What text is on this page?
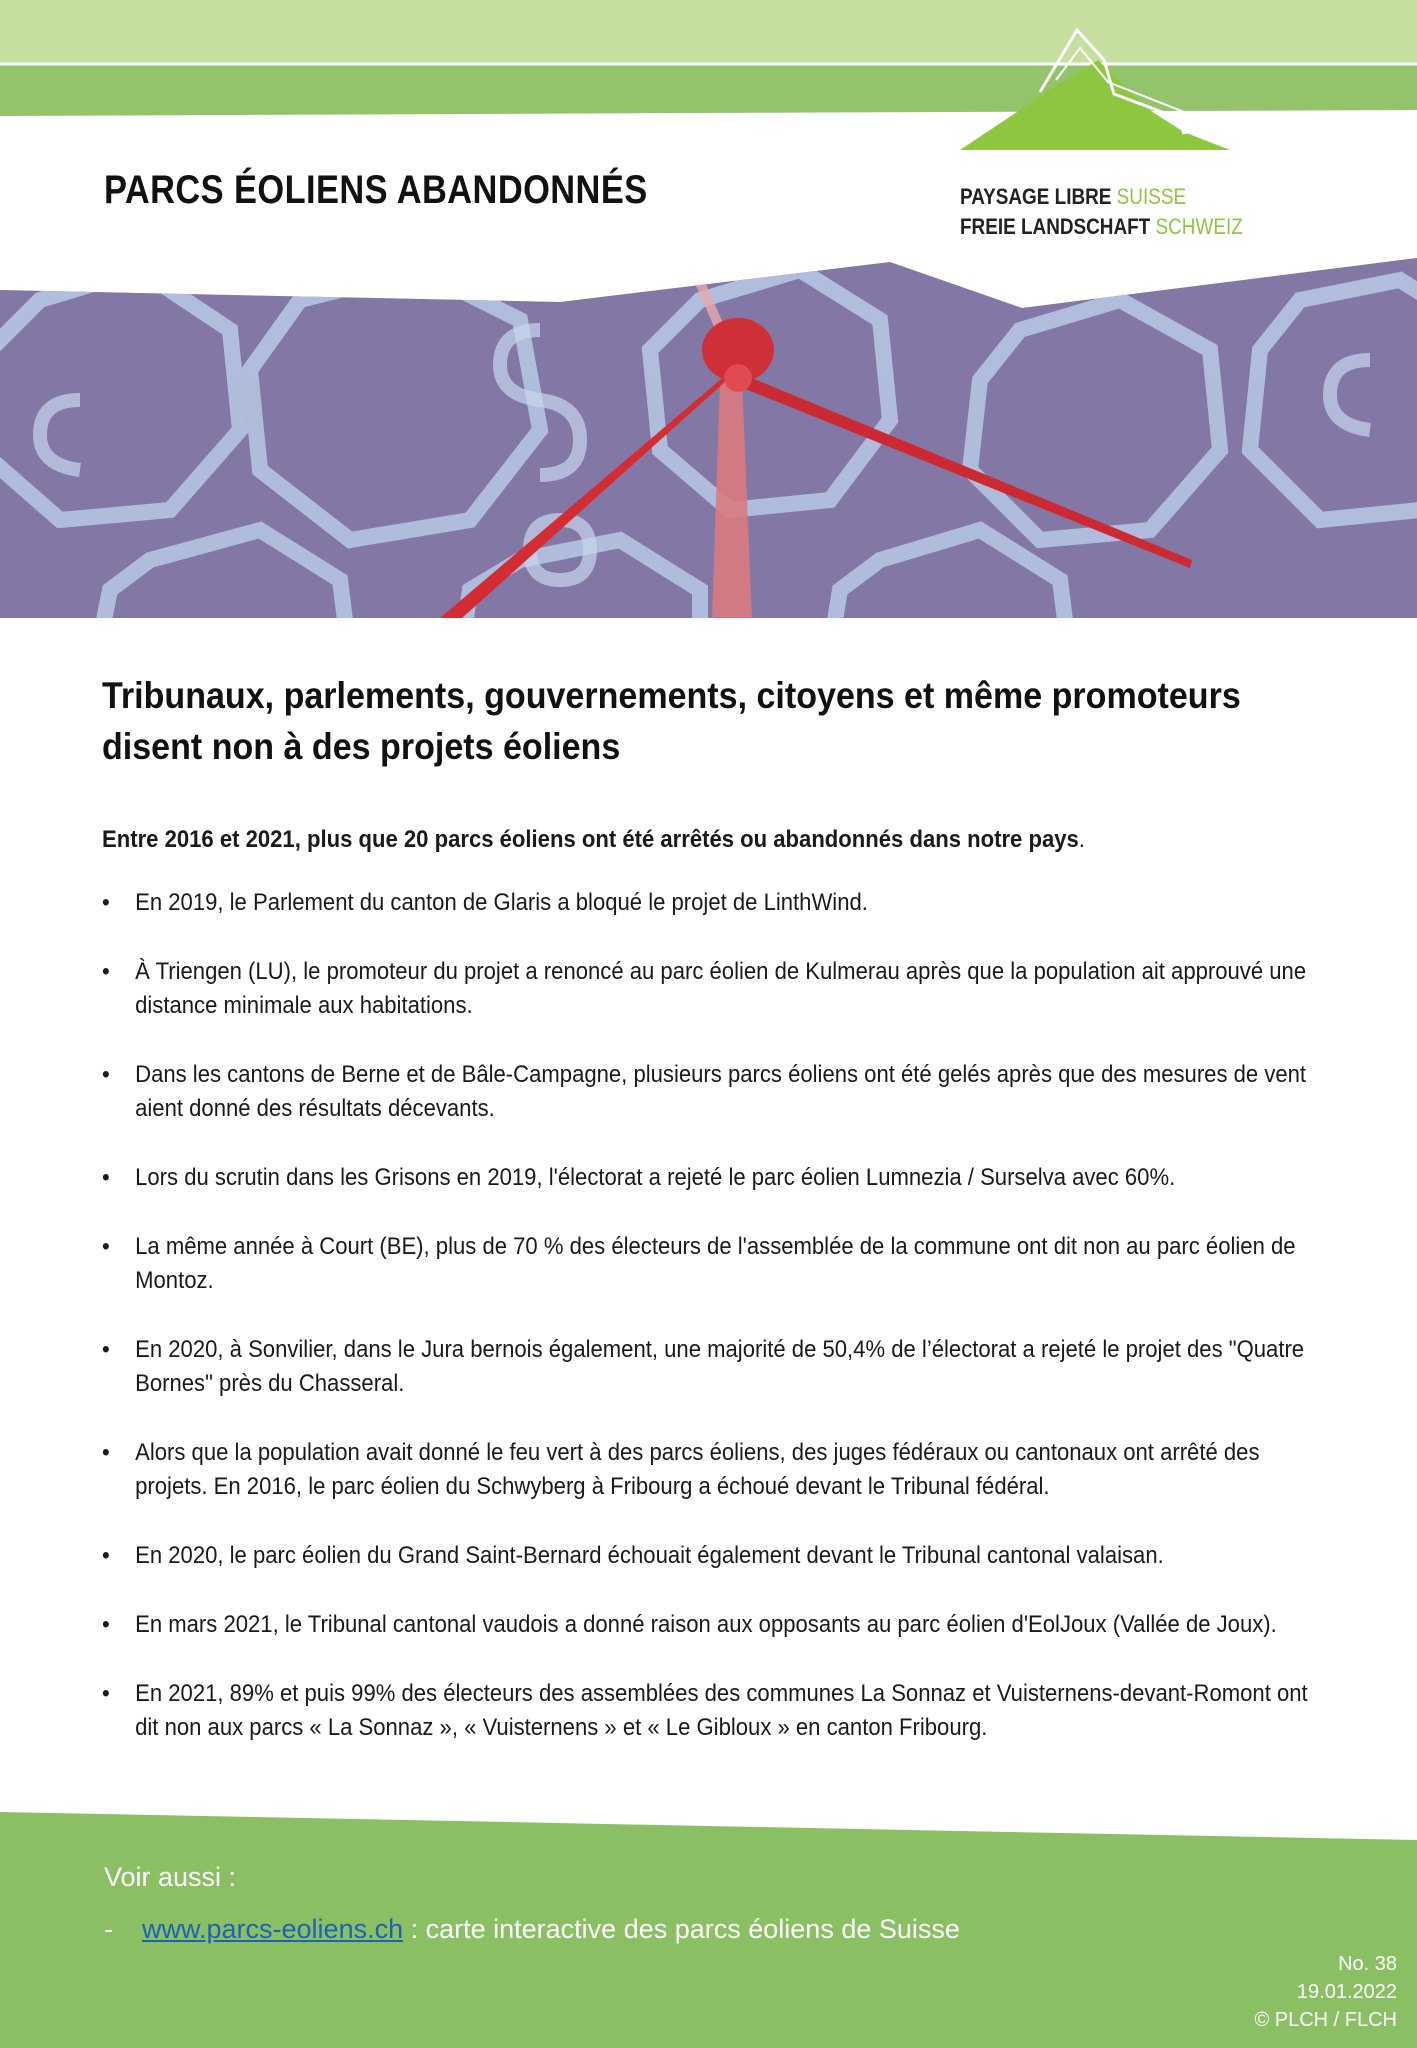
PARCS ÉOLIENS ABANDONNÉS	PAYSAGE LIBRE SUISSE
FREIE LANDSCHAFT SCHWEIZ
Tribunaux, parlements, gouvernements, citoyens et même promoteurs disent non à des projets éoliens

Entre 2016 et 2021, plus que 20 parcs éoliens ont été arrêtés ou abandonnés dans notre pays.

• En 2019, le Parlement du canton de Glaris a bloqué le projet de LinthWind.
• À Triengen (LU), le promoteur du projet a renoncé au parc éolien de Kulmerau après que la population ait approuvé une distance minimale aux habitations.
• Dans les cantons de Berne et de Bâle-Campagne, plusieurs parcs éoliens ont été gelés après que des mesures de vent aient donné des résultats décevants.
• Lors du scrutin dans les Grisons en 2019, l'électorat a rejeté le parc éolien Lumnezia / Surselva avec 60%.
• La même année à Court (BE), plus de 70 % des électeurs de l'assemblée de la commune ont dit non au parc éolien de Montoz.
• En 2020, à Sonvilier, dans le Jura bernois également, une majorité de 50,4% de l’électorat a rejeté le projet des "Quatre Bornes" près du Chasseral.
• Alors que la population avait donné le feu vert à des parcs éoliens, des juges fédéraux ou cantonaux ont arrêté des projets. En 2016, le parc éolien du Schwyberg à Fribourg a échoué devant le Tribunal fédéral.
• En 2020, le parc éolien du Grand Saint-Bernard échouait également devant le Tribunal cantonal valaisan.
• En mars 2021, le Tribunal cantonal vaudois a donné raison aux opposants au parc éolien d'EolJoux (Vallée de Joux).
• En 2021, 89% et puis 99% des électeurs des assemblées des communes La Sonnaz et Vuisternens-devant-Romont ont dit non aux parcs « La Sonnaz », « Vuisternens » et « Le Gibloux » en canton Fribourg.
Voir aussi :
- www.parcs-eoliens.ch : carte interactive des parcs éoliens de Suisse
No. 38
19.01.2022
© PLCH / FLCH
